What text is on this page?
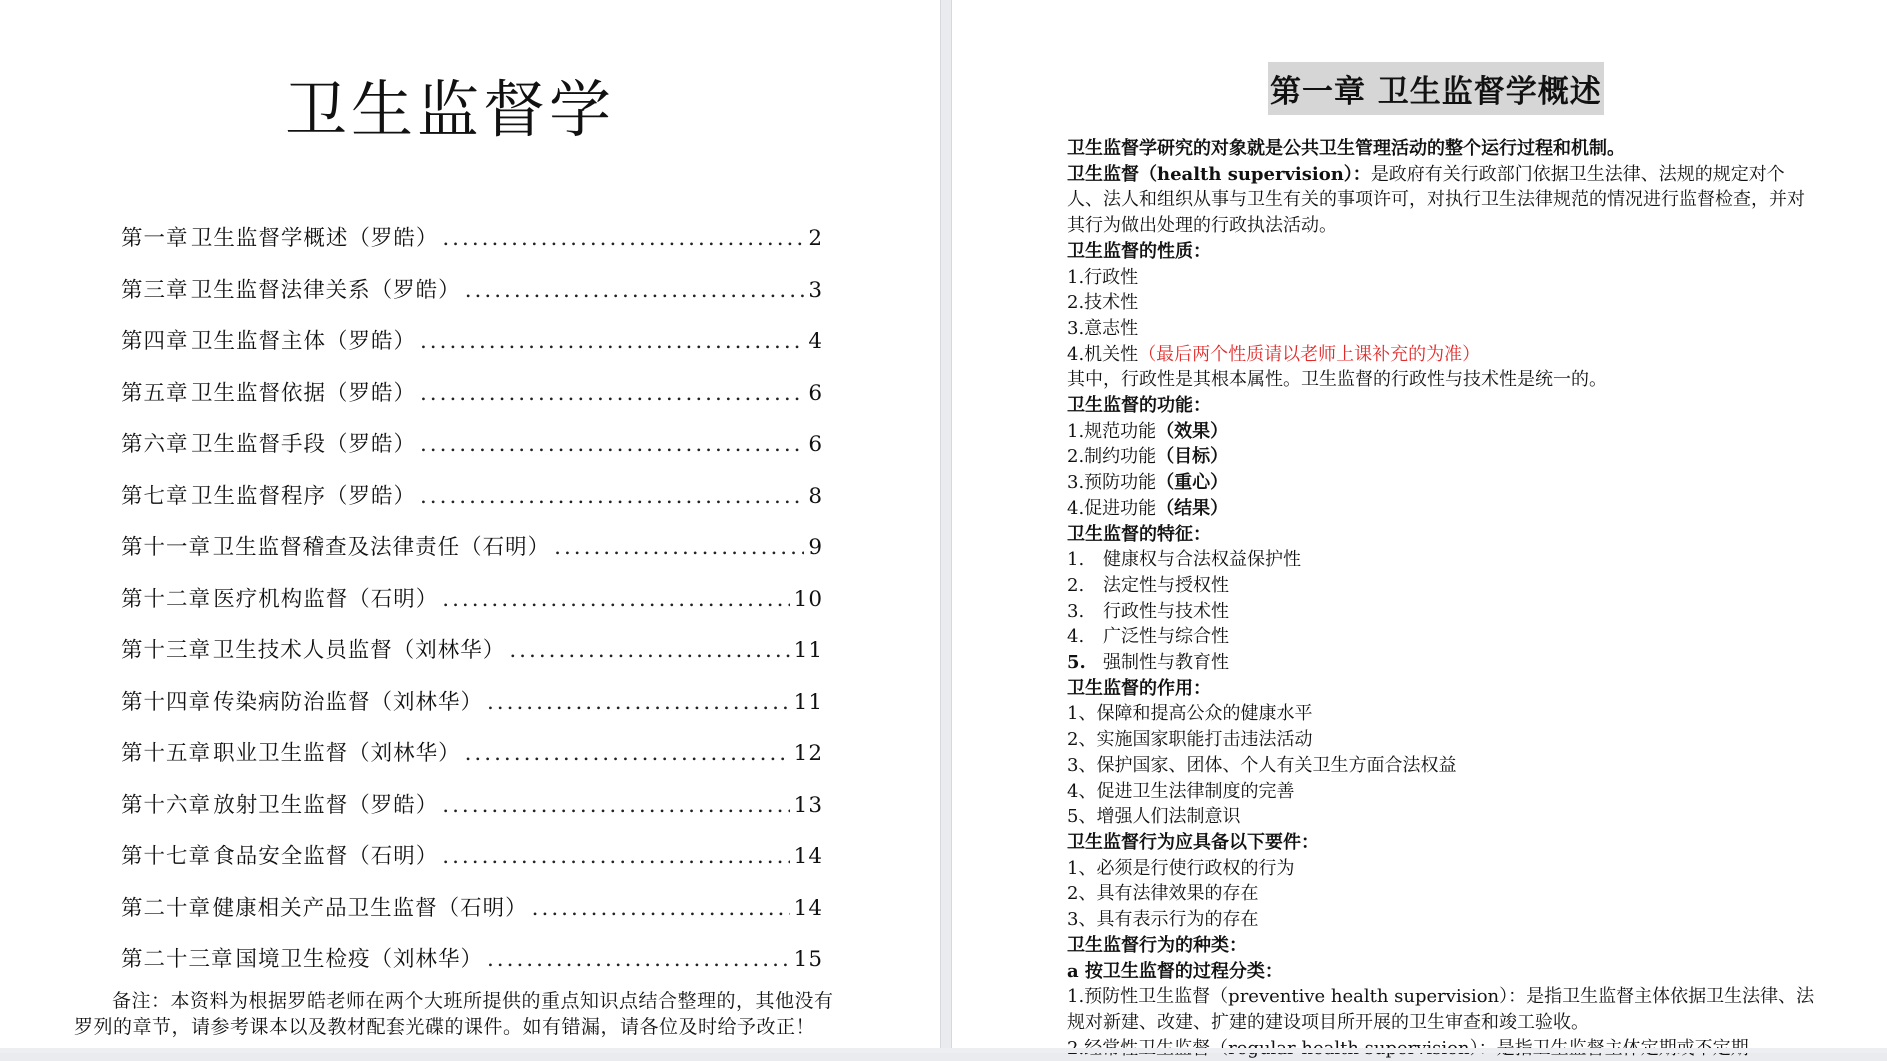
卫生监督学
第一章 卫生监督学概述（罗皓） .....	2
第三章 卫生监督法律关系（罗皓） .....	3
第四章 卫生监督主体（罗皓） .....	4
第五章 卫生监督依据（罗皓） .....	6
第六章 卫生监督手段（罗皓） .....	6
第七章 卫生监督程序（罗皓） .....	8
第十一章 卫生监督稽查及法律责任（石明） .....	9
第十二章 医疗机构监督（石明） .....	10
第十三章 卫生技术人员监督（刘林华） .....	11
第十四章 传染病防治监督（刘林华） .....	11
第十五章 职业卫生监督（刘林华） .....	12
第十六章 放射卫生监督（罗皓） .....	13
第十七章 食品安全监督（石明） .....	14
第二十章 健康相关产品卫生监督（石明） .....	14
第二十三章 国境卫生检疫（刘林华） .....	15
备注：本资料为根据罗皓老师在两个大班所提供的重点知识点结合整理的，其他没有罗列的章节，请参考课本以及教材配套光碟的课件。如有错漏，请各位及时给予改正！
第一章 卫生监督学概述
卫生监督学研究的对象就是公共卫生管理活动的整个运行过程和机制。
卫生监督（health supervision）：是政府有关行政部门依据卫生法律、法规的规定对个人、法人和组织从事与卫生有关的事项许可，对执行卫生法律规范的情况进行监督检查，并对其行为做出处理的行政执法活动。
卫生监督的性质：
1.行政性
2.技术性
3.意志性
4.机关性（最后两个性质请以老师上课补充的为准）
其中，行政性是其根本属性。卫生监督的行政性与技术性是统一的。
卫生监督的功能：
1.规范功能（效果）
2.制约功能（目标）
3.预防功能（重心）
4.促进功能（结果）
卫生监督的特征：
1. 健康权与合法权益保护性
2. 法定性与授权性
3. 行政性与技术性
4. 广泛性与综合性
5. 强制性与教育性
卫生监督的作用：
1、保障和提高公众的健康水平
2、实施国家职能打击违法活动
3、保护国家、团体、个人有关卫生方面合法权益
4、促进卫生法律制度的完善
5、增强人们法制意识
卫生监督行为应具备以下要件：
1、必须是行使行政权的行为
2、具有法律效果的存在
3、具有表示行为的存在
卫生监督行为的种类：
a 按卫生监督的过程分类：
1.预防性卫生监督（preventive health supervision）：是指卫生监督主体依据卫生法律、法规对新建、改建、扩建的建设项目所开展的卫生审查和竣工验收。
